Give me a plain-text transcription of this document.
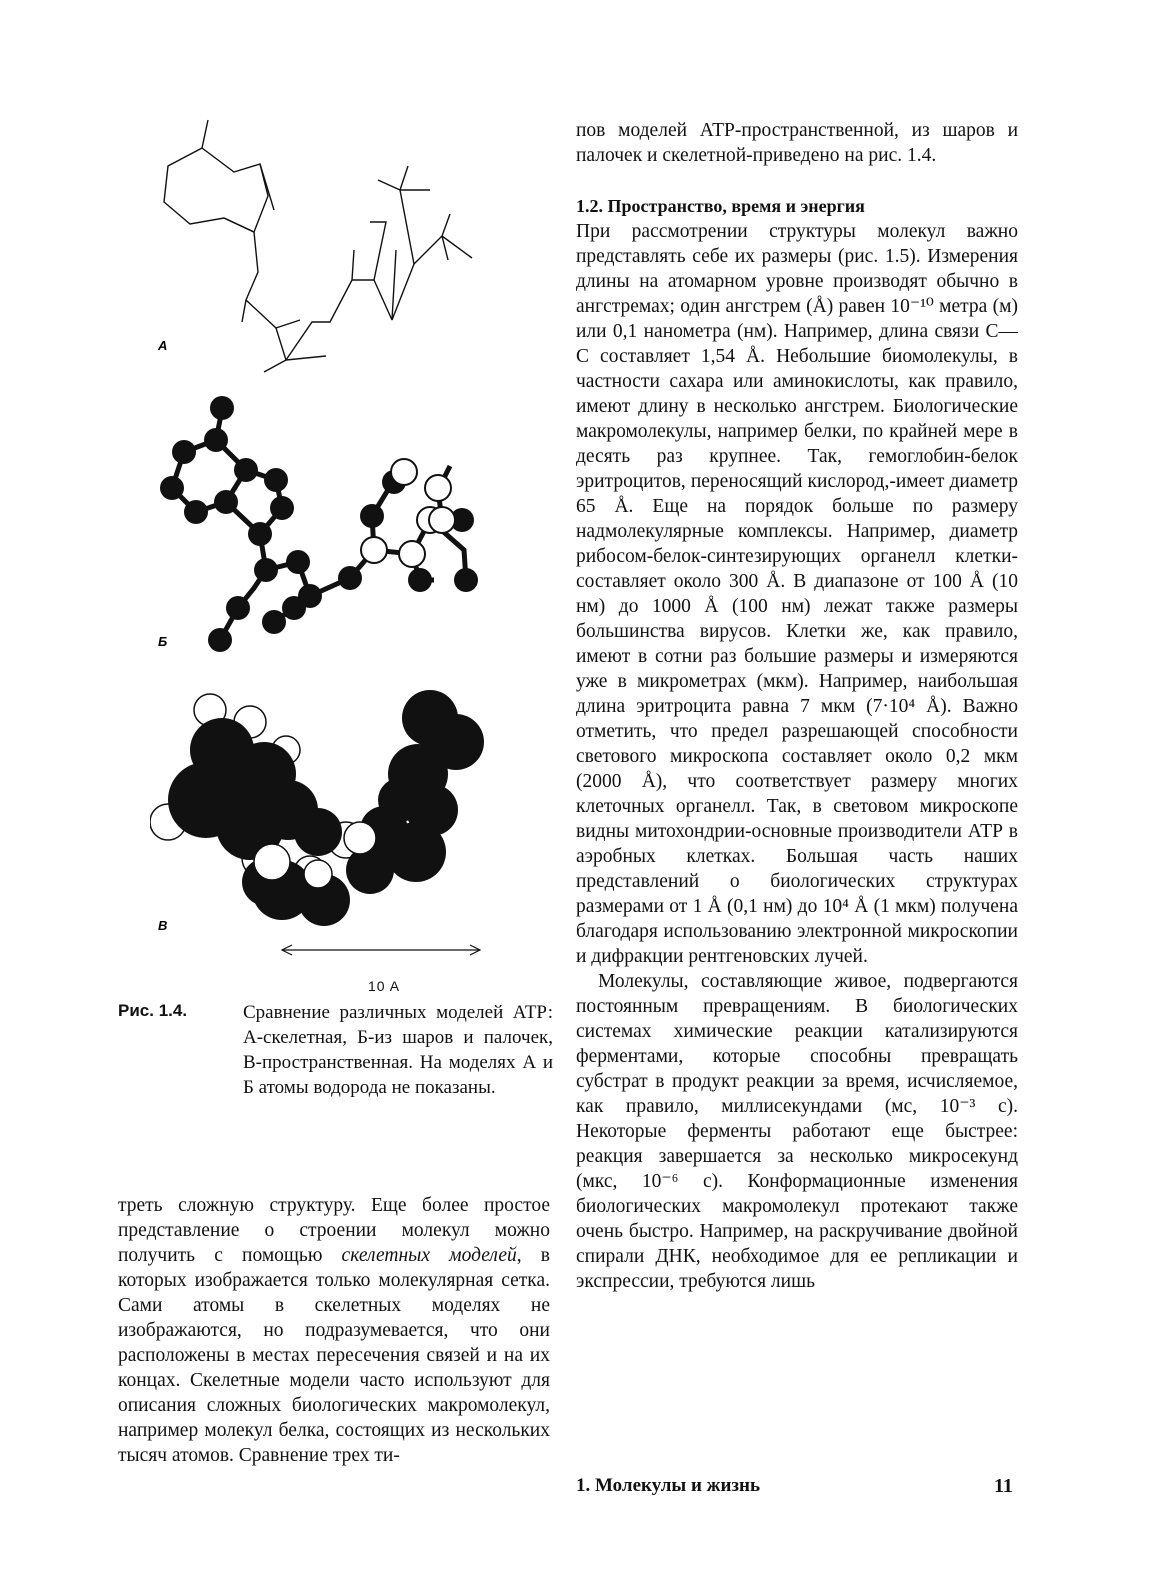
А
Б
В
10 A
Рис. 1.4.	Сравнение различных моделей АТР: А-скелетная, Б-из шаров и палочек, В-пространственная. На моделях А и Б атомы водорода не показаны.

треть сложную структуру. Еще более простое представление о строении молекул можно получить с помощью скелетных моделей, в которых изображается только молекулярная сетка. Сами атомы в скелетных моделях не изображаются, но подразумевается, что они расположены в местах пересечения связей и на их концах. Скелетные модели часто используют для описания сложных биологических макромолекул, например молекул белка, состоящих из нескольких тысяч атомов. Сравнение трех ти-

пов моделей АТР-пространственной, из шаров и палочек и скелетной-приведено на рис. 1.4.

1.2. Пространство, время и энергия

При рассмотрении структуры молекул важно представлять себе их размеры (рис. 1.5). Измерения длины на атомарном уровне производят обычно в ангстремах; один ангстрем (Å) равен 10⁻¹⁰ метра (м) или 0,1 нанометра (нм). Например, длина связи С—С составляет 1,54 Å. Небольшие биомолекулы, в частности сахара или аминокислоты, как правило, имеют длину в несколько ангстрем. Биологические макромолекулы, например белки, по крайней мере в десять раз крупнее. Так, гемоглобин-белок эритроцитов, переносящий кислород,-имеет диаметр 65 Å. Еще на порядок больше по размеру надмолекулярные комплексы. Например, диаметр рибосом-белок-синтезирующих органелл клетки-составляет около 300 Å. В диапазоне от 100 Å (10 нм) до 1000 Å (100 нм) лежат также размеры большинства вирусов. Клетки же, как правило, имеют в сотни раз большие размеры и измеряются уже в микрометрах (мкм). Например, наибольшая длина эритроцита равна 7 мкм (7·10⁴ Å). Важно отметить, что предел разрешающей способности светового микроскопа составляет около 0,2 мкм (2000 Å), что соответствует размеру многих клеточных органелл. Так, в световом микроскопе видны митохондрии-основные производители АТР в аэробных клетках. Большая часть наших представлений о биологических структурах размерами от 1 Å (0,1 нм) до 10⁴ Å (1 мкм) получена благодаря использованию электронной микроскопии и дифракции рентгеновских лучей.

Молекулы, составляющие живое, подвергаются постоянным превращениям. В биологических системах химические реакции катализируются ферментами, которые способны превращать субстрат в продукт реакции за время, исчисляемое, как правило, миллисекундами (мс, 10⁻³ с). Некоторые ферменты работают еще быстрее: реакция завершается за несколько микросекунд (мкс, 10⁻⁶ с). Конформационные изменения биологических макромолекул протекают также очень быстро. Например, на раскручивание двойной спирали ДНК, необходимое для ее репликации и экспрессии, требуются лишь

1. Молекулы и жизнь	11
